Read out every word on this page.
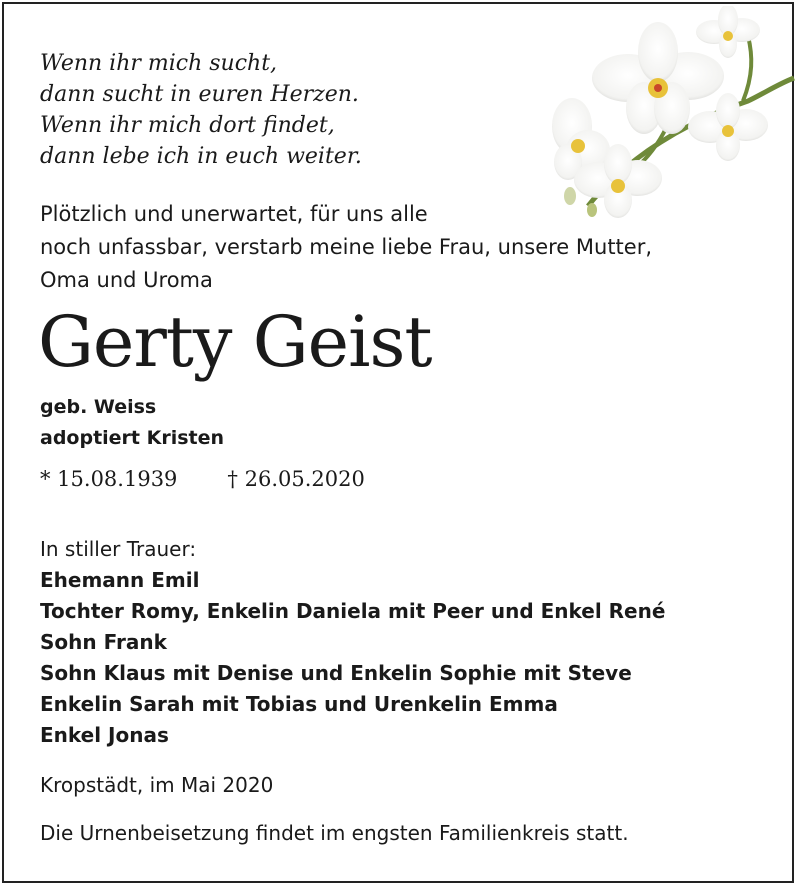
Wenn ihr mich sucht,
dann sucht in euren Herzen.
Wenn ihr mich dort findet,
dann lebe ich in euch weiter.
Plötzlich und unerwartet, für uns alle
noch unfassbar, verstarb meine liebe Frau, unsere Mutter,
Oma und Uroma
Gerty Geist
geb. Weiss
adoptiert Kristen
* 15.08.1939 † 26.05.2020
In stiller Trauer:
Ehemann Emil
Tochter Romy, Enkelin Daniela mit Peer und Enkel René
Sohn Frank
Sohn Klaus mit Denise und Enkelin Sophie mit Steve
Enkelin Sarah mit Tobias und Urenkelin Emma
Enkel Jonas
Kropstädt, im Mai 2020
Die Urnenbeisetzung findet im engsten Familienkreis statt.
